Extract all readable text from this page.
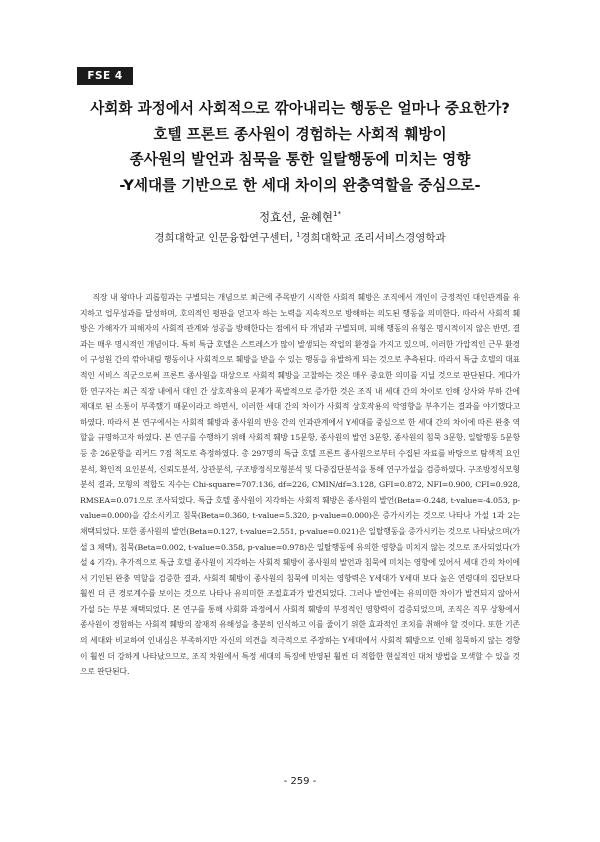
FSE 4
사회화 과정에서 사회적으로 깎아내리는 행동은 얼마나 중요한가?
호텔 프론트 종사원이 경험하는 사회적 훼방이
종사원의 발언과 침묵을 통한 일탈행동에 미치는 영향
-Y세대를 기반으로 한 세대 차이의 완충역할을 중심으로-
정효선, 윤혜현$^{1*}$
경희대학교 인문융합연구센터, $^1$경희대학교 조리서비스경영학과

직장 내 왕따나 괴롭힘과는 구별되는 개념으로 최근에 주목받기 시작한 사회적 훼방은 조직에서 개인이 긍정적인 대인관계를 유지하고 업무성과를 달성하며, 호의적인 평판을 얻고자 하는 노력을 지속적으로 방해하는 의도된 행동을 의미한다. 따라서 사회적 훼방은 가해자가 피해자의 사회적 관계와 성공을 방해한다는 점에서 타 개념과 구별되며, 피해 행동의 유형은 명시적이지 않은 반면, 결과는 매우 명시적인 개념이다. 특히 특급 호텔은 스트레스가 많이 발생되는 작업의 환경을 가지고 있으며, 이러한 가압적인 근무 환경이 구성원 간의 깎아내림 행동이나 사회적으로 훼방을 받을 수 있는 행동을 유발하게 되는 것으로 추측된다. 따라서 특급 호텔의 대표적인 서비스 직군으로써 프론트 종사원을 대상으로 사회적 훼방을 고찰하는 것은 매우 중요한 의미를 지닐 것으로 판단된다. 게다가 한 연구자는 최근 직장 내에서 대인 간 상호작용의 문제가 폭발적으로 증가한 것은 조직 내 세대 간의 차이로 인해 상사와 부하 간에 제대로 된 소통이 부족했기 때문이라고 하면서, 이러한 세대 간의 차이가 사회적 상호작용의 악영향을 부추기는 결과를 야기했다고 하였다. 따라서 본 연구에서는 사회적 훼방과 종사원의 반응 간의 인과관계에서 Y세대를 중심으로 한 세대 간의 차이에 따른 완충 역할을 규명하고자 하였다. 본 연구를 수행하기 위해 사회적 훼방 15문항, 종사원의 발언 3문항, 종사원의 침묵 3문항, 일탈행동 5문항 등 총 26문항을 리커드 7점 척도로 측정하였다. 총 297명의 특급 호텔 프론트 종사원으로부터 수집된 자료를 바탕으로 탐색적 요인분석, 확인적 요인분석, 신뢰도분석, 상관분석, 구조방정식모형분석 및 다중집단분석을 통해 연구가설을 검증하였다. 구조방정식모형분석 결과, 모형의 적합도 지수는 Chi-square=707.136, df=226, CMIN/df=3.128, GFI=0.872, NFI=0.900, CFI=0.928, RMSEA=0.071으로 조사되었다. 특급 호텔 종사원이 지각하는 사회적 훼방은 종사원의 발언(Beta=-0.248, t-value=-4.053, p-value=0.000)을 감소시키고 침묵(Beta=0.360, t-value=5.320, p-value=0.000)은 증가시키는 것으로 나타나 가설 1과 2는 채택되었다. 또한 종사원의 발언(Beta=0.127, t-value=2.551, p-value=0.021)은 일탈행동을 증가시키는 것으로 나타났으며(가설 3 채택), 침묵(Beta=0.002, t-value=0.358, p-value=0.978)은 일탈행동에 유의한 영향을 미치지 않는 것으로 조사되었다(가설 4 기각). 추가적으로 특급 호텔 종사원이 지각하는 사회적 훼방이 종사원의 발언과 침묵에 미치는 영향에 있어서 세대 간의 차이에서 기인된 완충 역할을 검증한 결과, 사회적 훼방이 종사원의 침묵에 미치는 영향력은 Y세대가 Y세대 보다 높은 연령대의 집단보다 훨씬 더 큰 경로계수를 보이는 것으로 나타나 유의미한 조절효과가 발견되었다. 그러나 발언에는 유의미한 차이가 발견되지 않아서 가설 5는 부분 채택되었다. 본 연구를 통해 사회화 과정에서 사회적 훼방의 부정적인 영향력이 검증되었으며, 조직은 직무 상황에서 종사원이 경험하는 사회적 훼방의 잠재적 유해성을 충분히 인식하고 이를 줄이기 위한 효과적인 조치를 취해야 할 것이다. 또한 기존의 세대와 비교하여 인내심은 부족하지만 자신의 의견을 적극적으로 주장하는 Y세대에서 사회적 훼방으로 인해 침묵하지 않는 경향이 훨씬 더 강하게 나타났으므로, 조직 차원에서 특정 세대의 특징에 반영된 훨씬 더 적합한 현실적인 대처 방법을 모색할 수 있을 것으로 판단된다.

- 259 -
